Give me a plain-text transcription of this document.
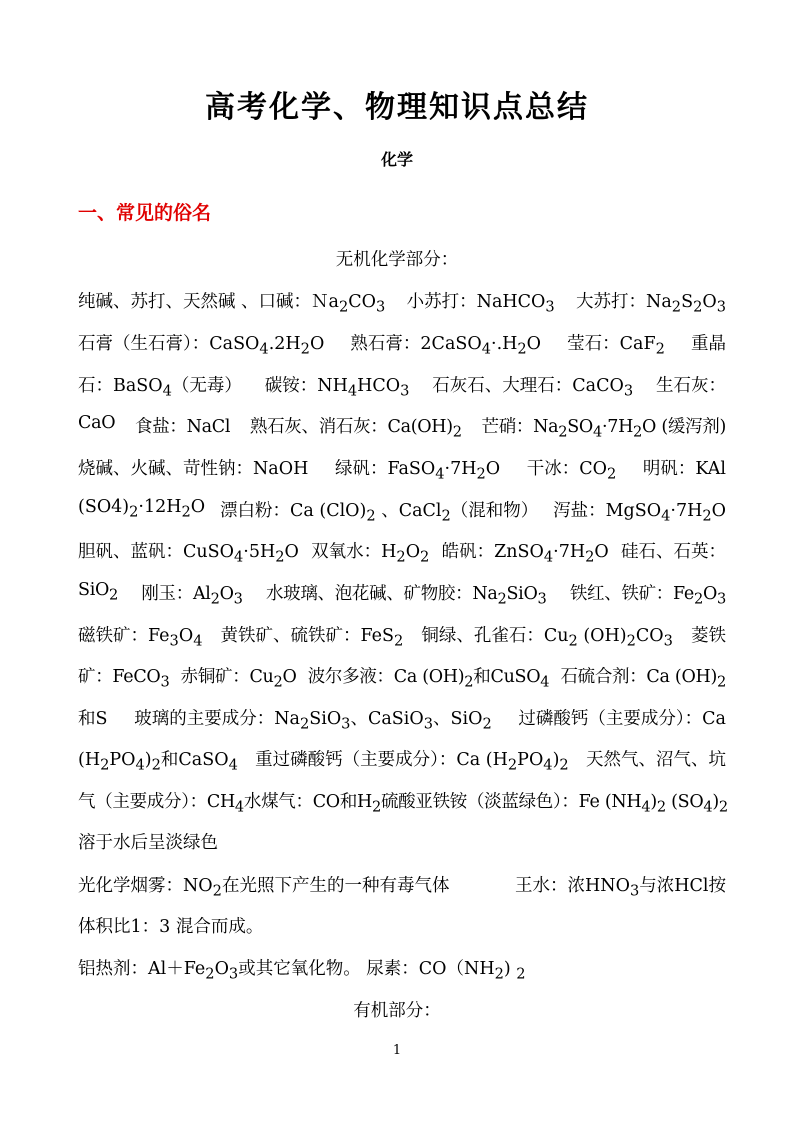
高考化学、物理知识点总结
化学
一、常见的俗名
无机化学部分：
纯碱、苏打、天然碱 、口碱：$Na_2CO_3$ 小苏打：NaHCO$_3$ 大苏打：$Na_2S_2O_3$
石膏（生石膏）：$CaSO_4.2H_2O$ 熟石膏：$2CaSO_4\cdot.H_2O$ 莹石：CaF$_2$ 重晶
石：BaSO$_4$（无毒） 碳铵：$NH_4HCO_3$ 石灰石、大理石：CaCO$_3$ 生石灰：
CaO 食盐：NaCl 熟石灰、消石灰：$Ca(OH)_2$ 芒硝：$Na_2SO_4\cdot 7H_2O$ (缓泻剂)
烧碱、火碱、苛性钠：NaOH 绿矾：$FaSO_4\cdot 7H_2O$ 干冰：$CO_2$ 明矾：KAl
$(SO4)_2\cdot 12H_2O$ 漂白粉：Ca $(ClO)_2$ 、CaCl$_2$（混和物） 泻盐：$MgSO_4\cdot 7H_2O$
胆矾、蓝矾：$CuSO_4\cdot 5H_2O$ 双氧水：$H_2O_2$ 皓矾：$ZnSO_4\cdot 7H_2O$ 硅石、石英：
SiO$_2$ 刚玉：$Al_2O_3$ 水玻璃、泡花碱、矿物胶：$Na_2SiO_3$ 铁红、铁矿：$Fe_2O_3$
磁铁矿：$Fe_3O_4$ 黄铁矿、硫铁矿：FeS$_2$ 铜绿、孔雀石：$Cu_2$ $(OH)_2CO_3$ 菱铁
矿：FeCO$_3$ 赤铜矿：$Cu_2O$ 波尔多液：Ca $(OH)_2$和CuSO$_4$ 石硫合剂：Ca $(OH)_2$
和S 玻璃的主要成分：$Na_2SiO_3$、CaSiO$_3$、SiO$_2$ 过磷酸钙（主要成分）：Ca
$(H_2PO_4)_2$和CaSO$_4$ 重过磷酸钙（主要成分）：Ca $(H_2PO_4)_2$ 天然气、沼气、坑
气（主要成分）：$CH_4$ 水煤气：CO和$H_2$ 硫酸亚铁铵（淡蓝绿色）：Fe $(NH_4)_2$ $(SO_4)_2$
溶于水后呈淡绿色
光化学烟雾：$NO_2$在光照下产生的一种有毒气体	王水：浓$HNO_3$与浓HCl按
体积比1：3 混合而成。
铝热剂：$Al+Fe_2O_3$或其它氧化物。 尿素：$CO(NH_2)$ $_2$
有机部分：
1
